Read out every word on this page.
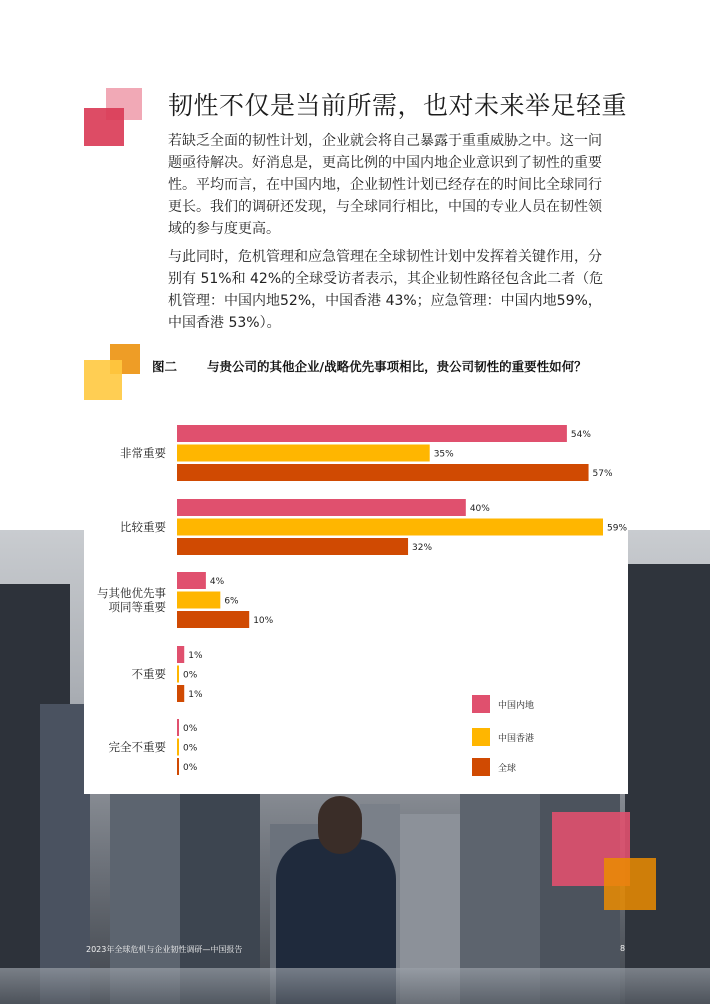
韧性不仅是当前所需，也对未来举足轻重

若缺乏全面的韧性计划，企业就会将自己暴露于重重威胁之中。这一问题亟待解决。好消息是，更高比例的中国内地企业意识到了韧性的重要性。平均而言，在中国内地，企业韧性计划已经存在的时间比全球同行更长。我们的调研还发现，与全球同行相比，中国的专业人员在韧性领域的参与度更高。

与此同时，危机管理和应急管理在全球韧性计划中发挥着关键作用，分别有 51%和 42%的全球受访者表示，其企业韧性路径包含此二者（危机管理：中国内地52%，中国香港 43%；应急管理：中国内地59%，中国香港 53%）。

图二 与贵公司的其他企业/战略优先事项相比，贵公司韧性的重要性如何？
非常重要
54%
35%
57%
比较重要
40%
59%
32%
与其他优先事
项同等重要
4%
6%
10%
不重要
1%
0%
1%
完全不重要
0%
0%
0%
中国内地
中国香港
全球
2023年全球危机与企业韧性调研—中国报告	8
